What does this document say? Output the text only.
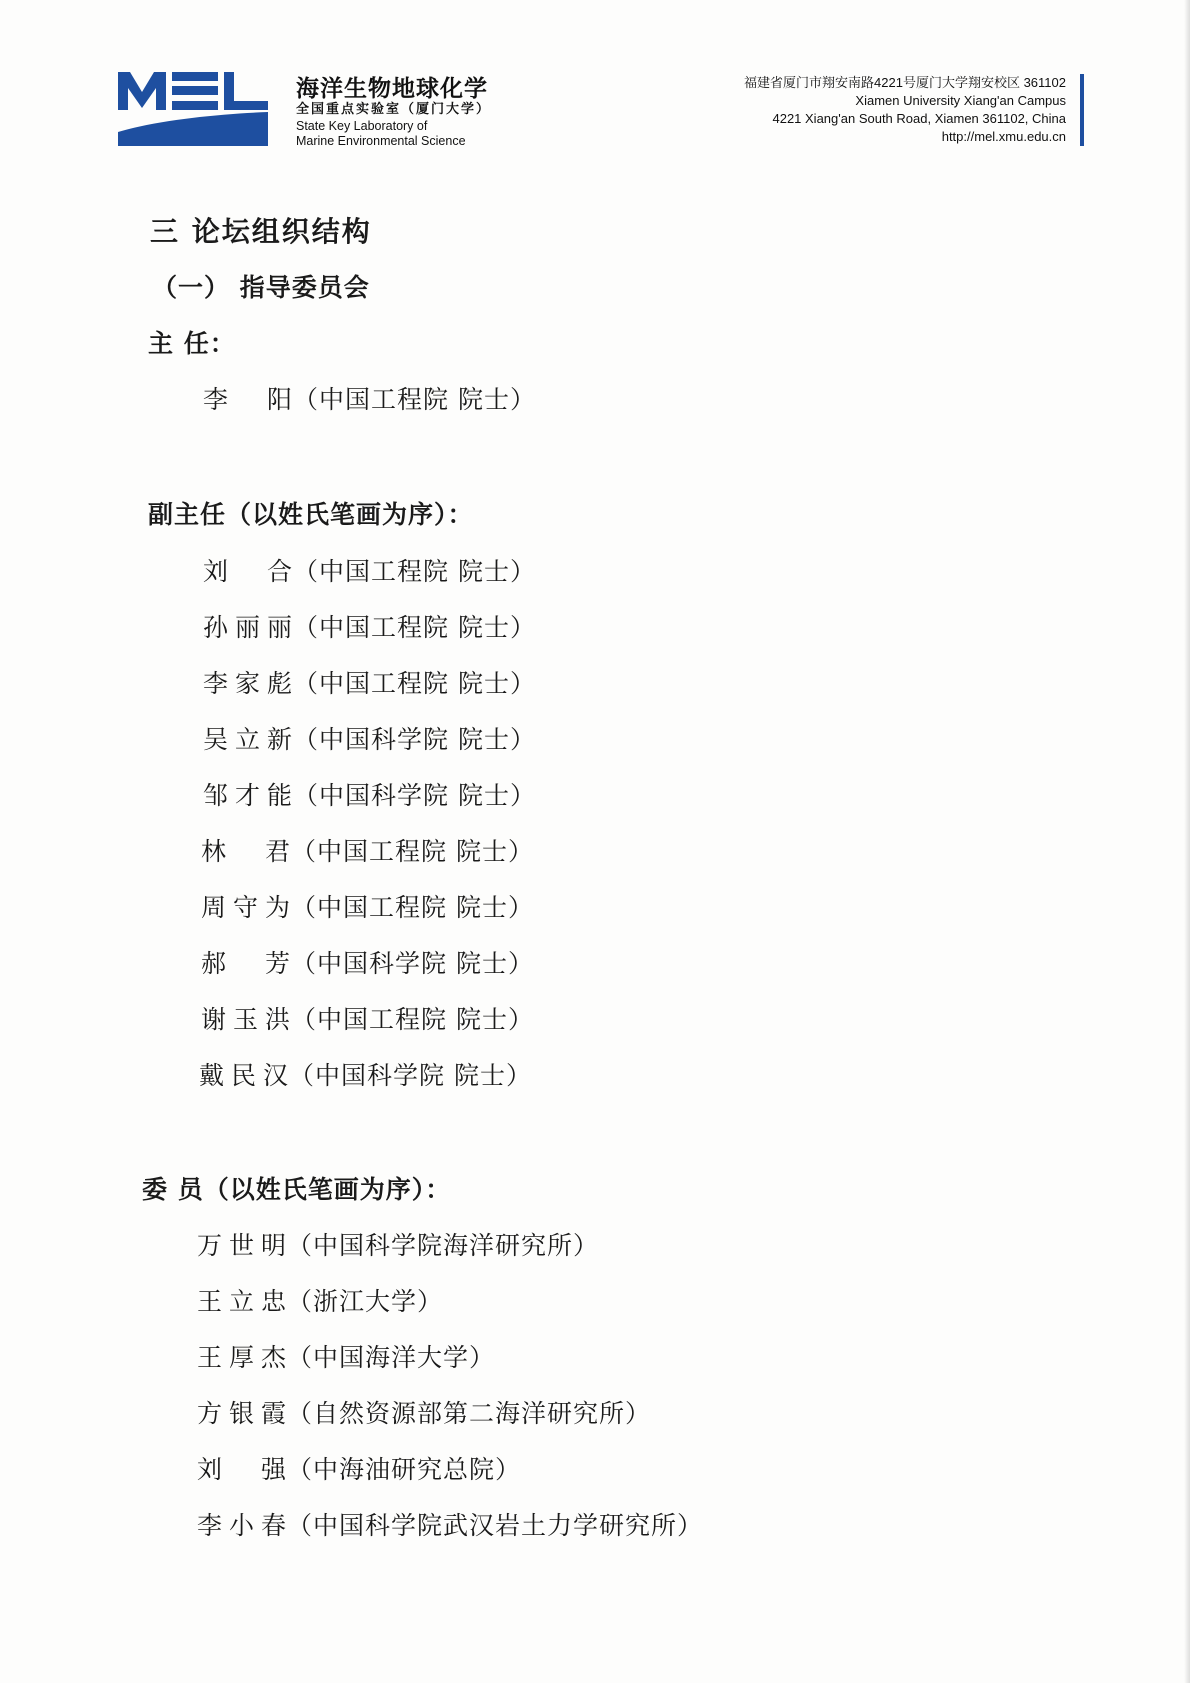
海洋生物地球化学
全国重点实验室（厦门大学）
State Key Laboratory of
Marine Environmental Science
福建省厦门市翔安南路4221号厦门大学翔安校区 361102
Xiamen University Xiang'an Campus
4221 Xiang'an South Road, Xiamen 361102, China
http://mel.xmu.edu.cn
三 论坛组织结构
（一） 指导委员会
主 任：
李 阳（中国工程院 院士）
副主任（以姓氏笔画为序）：
刘 合（中国工程院 院士）
孙丽丽（中国工程院 院士）
李家彪（中国工程院 院士）
吴立新（中国科学院 院士）
邹才能（中国科学院 院士）
林 君（中国工程院 院士）
周守为（中国工程院 院士）
郝 芳（中国科学院 院士）
谢玉洪（中国工程院 院士）
戴民汉（中国科学院 院士）
委 员（以姓氏笔画为序）：
万世明（中国科学院海洋研究所）
王立忠（浙江大学）
王厚杰（中国海洋大学）
方银霞（自然资源部第二海洋研究所）
刘 强（中海油研究总院）
李小春（中国科学院武汉岩土力学研究所）
